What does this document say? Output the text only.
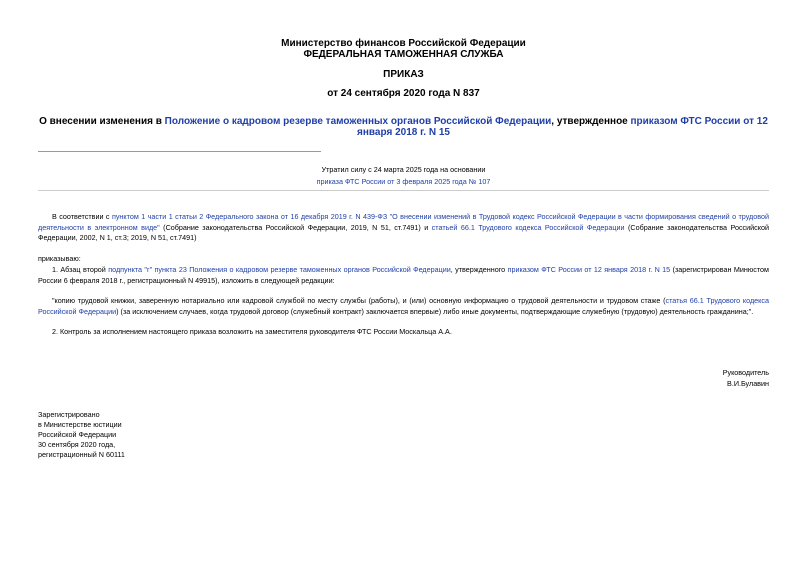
Министерство финансов Российской Федерации
ФЕДЕРАЛЬНАЯ ТАМОЖЕННАЯ СЛУЖБА
ПРИКАЗ
от 24 сентября 2020 года N 837
О внесении изменения в Положение о кадровом резерве таможенных органов Российской Федерации, утвержденное приказом ФТС России от 12 января 2018 г. N 15
Утратил силу с 24 марта 2025 года на основании
приказа ФТС России от 3 февраля 2025 года № 107
В соответствии с пунктом 1 части 1 статьи 2 Федерального закона от 16 декабря 2019 г. N 439-ФЗ "О внесении изменений в Трудовой кодекс Российской Федерации в части формирования сведений о трудовой деятельности в электронном виде" (Собрание законодательства Российской Федерации, 2019, N 51, ст.7491) и статьей 66.1 Трудового кодекса Российской Федерации (Собрание законодательства Российской Федерации, 2002, N 1, ст.3; 2019, N 51, ст.7491)
приказываю:
1. Абзац второй подпункта "г" пункта 23 Положения о кадровом резерве таможенных органов Российской Федерации, утвержденного приказом ФТС России от 12 января 2018 г. N 15 (зарегистрирован Минюстом России 6 февраля 2018 г., регистрационный N 49915), изложить в следующей редакции:
"копию трудовой книжки, заверенную нотариально или кадровой службой по месту службы (работы), и (или) основную информацию о трудовой деятельности и трудовом стаже (статья 66.1 Трудового кодекса Российской Федерации) (за исключением случаев, когда трудовой договор (служебный контракт) заключается впервые) либо иные документы, подтверждающие служебную (трудовую) деятельность гражданина;".
2. Контроль за исполнением настоящего приказа возложить на заместителя руководителя ФТС России Москальца А.А.
Руководитель
В.И.Булавин
Зарегистрировано
в Министерстве юстиции
Российской Федерации
30 сентября 2020 года,
регистрационный N 60111
